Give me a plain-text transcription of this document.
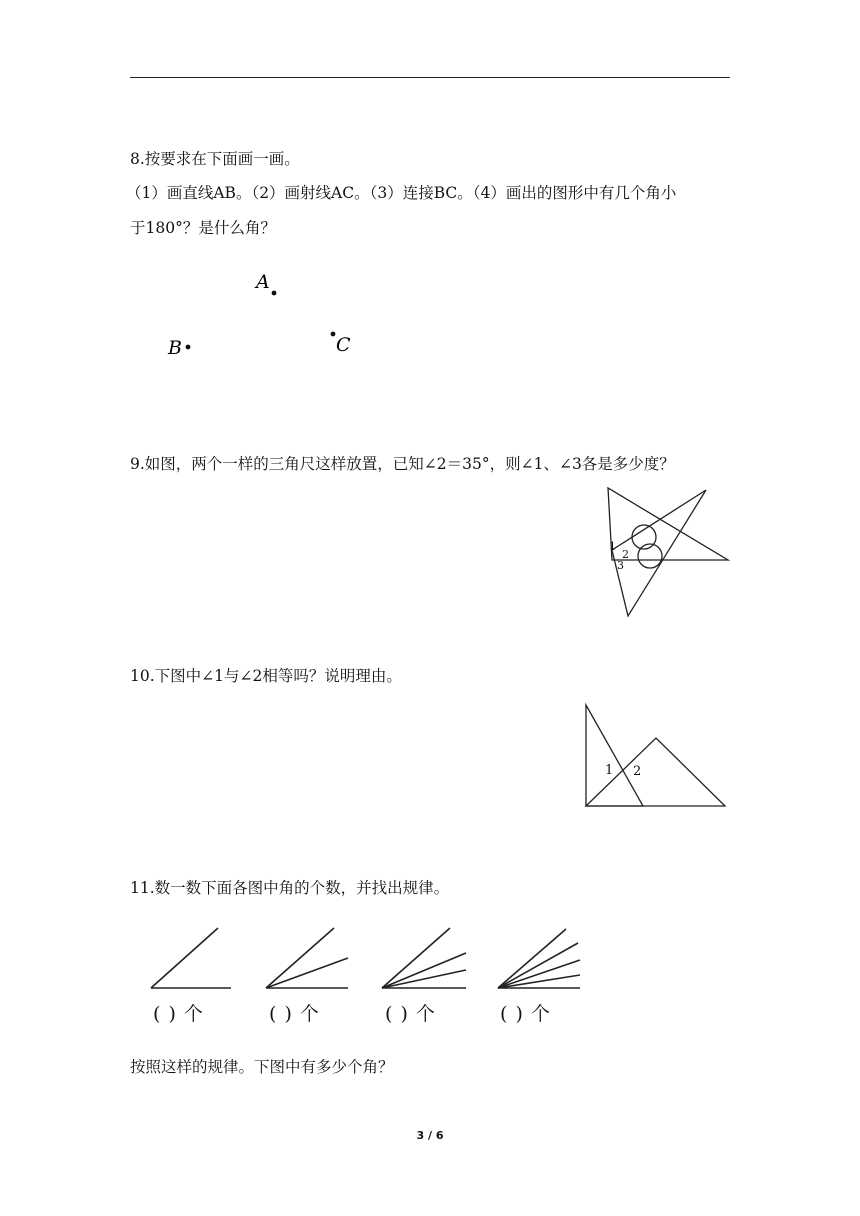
8.按要求在下面画一画。
（1）画直线AB。（2）画射线AC。（3）连接BC。（4）画出的图形中有几个角小
于180°？是什么角？
A
B	C
9.如图，两个一样的三角尺这样放置，已知∠2＝35°，则∠1、∠3各是多少度？
1
2
3
10.下图中∠1与∠2相等吗？说明理由。
1 2
11.数一数下面各图中角的个数，并找出规律。
( ) 个	( ) 个	( ) 个	( ) 个
按照这样的规律。下图中有多少个角？
3 / 6
